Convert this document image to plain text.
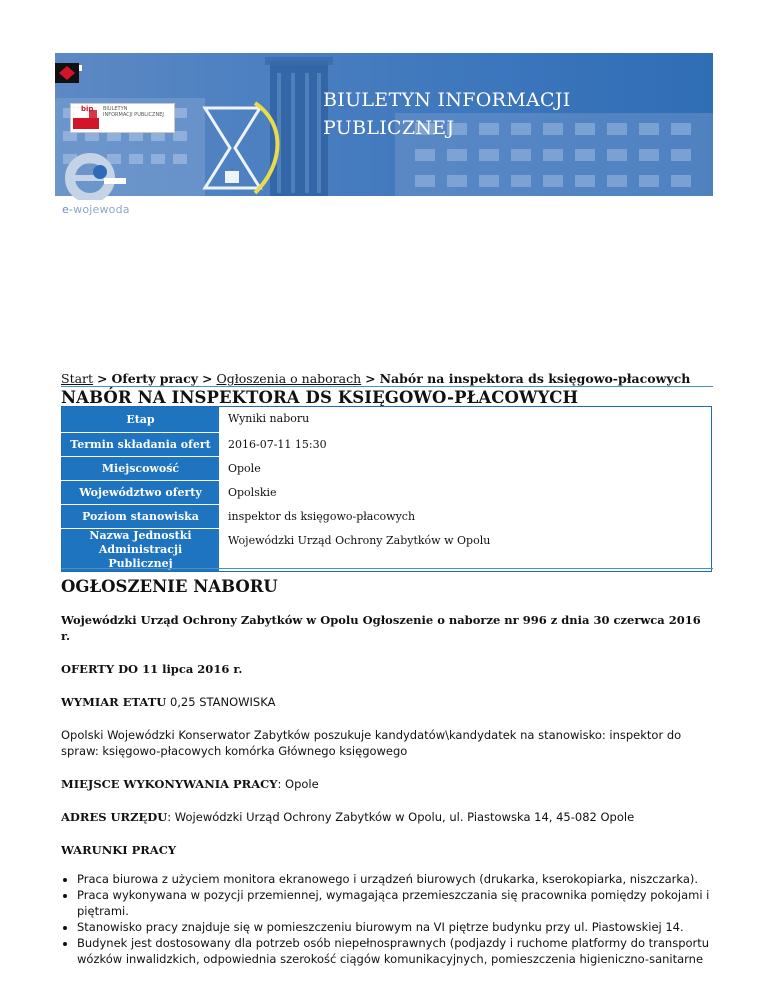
BIULETYN INFORMACJI
PUBLICZNEJ
bip BIULETYN
INFORMACJI PUBLICZNEJ
e-wojewoda
Start > Oferty pracy > Ogłoszenia o naborach > Nabór na inspektora ds księgowo-płacowych
NABÓR NA INSPEKTORA DS KSIĘGOWO-PŁACOWYCH
Etap	Wyniki naboru
Termin składania ofert	2016-07-11 15:30
Miejscowość	Opole
Województwo oferty	Opolskie
Poziom stanowiska	inspektor ds księgowo-płacowych
Nazwa Jednostki Administracji Publicznej	Wojewódzki Urząd Ochrony Zabytków w Opolu
OGŁOSZENIE NABORU

Wojewódzki Urząd Ochrony Zabytków w Opolu Ogłoszenie o naborze nr 996 z dnia 30 czerwca 2016 r.

OFERTY DO 11 lipca 2016 r.

WYMIAR ETATU 0,25 STANOWISKA

Opolski Wojewódzki Konserwator Zabytków poszukuje kandydatów\kandydatek na stanowisko: inspektor do spraw: księgowo-płacowych komórka Głównego księgowego

MIEJSCE WYKONYWANIA PRACY: Opole

ADRES URZĘDU: Wojewódzki Urząd Ochrony Zabytków w Opolu, ul. Piastowska 14, 45-082 Opole

WARUNKI PRACY

• Praca biurowa z użyciem monitora ekranowego i urządzeń biurowych (drukarka, kserokopiarka, niszczarka).
• Praca wykonywana w pozycji przemiennej, wymagająca przemieszczania się pracownika pomiędzy pokojami i piętrami.
• Stanowisko pracy znajduje się w pomieszczeniu biurowym na VI piętrze budynku przy ul. Piastowskiej 14.
• Budynek jest dostosowany dla potrzeb osób niepełnosprawnych (podjazdy i ruchome platformy do transportu wózków inwalidzkich, odpowiednia szerokość ciągów komunikacyjnych, pomieszczenia higieniczno-sanitarne
